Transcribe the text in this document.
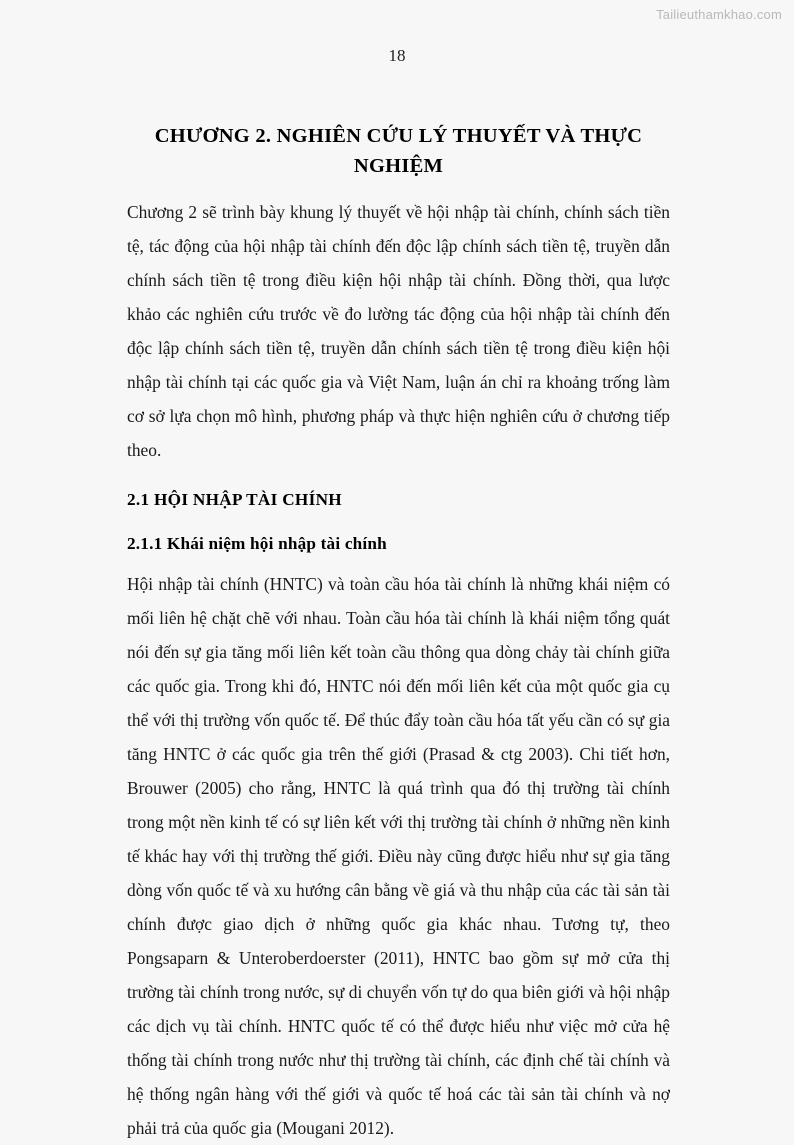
Tailieuthamkhao.com
18
CHƯƠNG 2. NGHIÊN CỨU LÝ THUYẾT VÀ THỰC NGHIỆM

Chương 2 sẽ trình bày khung lý thuyết về hội nhập tài chính, chính sách tiền tệ, tác động của hội nhập tài chính đến độc lập chính sách tiền tệ, truyền dẫn chính sách tiền tệ trong điều kiện hội nhập tài chính. Đồng thời, qua lược khảo các nghiên cứu trước về đo lường tác động của hội nhập tài chính đến độc lập chính sách tiền tệ, truyền dẫn chính sách tiền tệ trong điều kiện hội nhập tài chính tại các quốc gia và Việt Nam, luận án chỉ ra khoảng trống làm cơ sở lựa chọn mô hình, phương pháp và thực hiện nghiên cứu ở chương tiếp theo.

2.1 HỘI NHẬP TÀI CHÍNH
2.1.1 Khái niệm hội nhập tài chính

Hội nhập tài chính (HNTC) và toàn cầu hóa tài chính là những khái niệm có mối liên hệ chặt chẽ với nhau. Toàn cầu hóa tài chính là khái niệm tổng quát nói đến sự gia tăng mối liên kết toàn cầu thông qua dòng chảy tài chính giữa các quốc gia. Trong khi đó, HNTC nói đến mối liên kết của một quốc gia cụ thể với thị trường vốn quốc tế. Để thúc đẩy toàn cầu hóa tất yếu cần có sự gia tăng HNTC ở các quốc gia trên thế giới (Prasad & ctg 2003). Chi tiết hơn, Brouwer (2005) cho rằng, HNTC là quá trình qua đó thị trường tài chính trong một nền kinh tế có sự liên kết với thị trường tài chính ở những nền kinh tế khác hay với thị trường thế giới. Điều này cũng được hiểu như sự gia tăng dòng vốn quốc tế và xu hướng cân bằng về giá và thu nhập của các tài sản tài chính được giao dịch ở những quốc gia khác nhau. Tương tự, theo Pongsaparn & Unteroberdoerster (2011), HNTC bao gồm sự mở cửa thị trường tài chính trong nước, sự di chuyển vốn tự do qua biên giới và hội nhập các dịch vụ tài chính. HNTC quốc tế có thể được hiểu như việc mở cửa hệ thống tài chính trong nước như thị trường tài chính, các định chế tài chính và hệ thống ngân hàng với thế giới và quốc tế hoá các tài sản tài chính và nợ phải trả của quốc gia (Mougani 2012).
